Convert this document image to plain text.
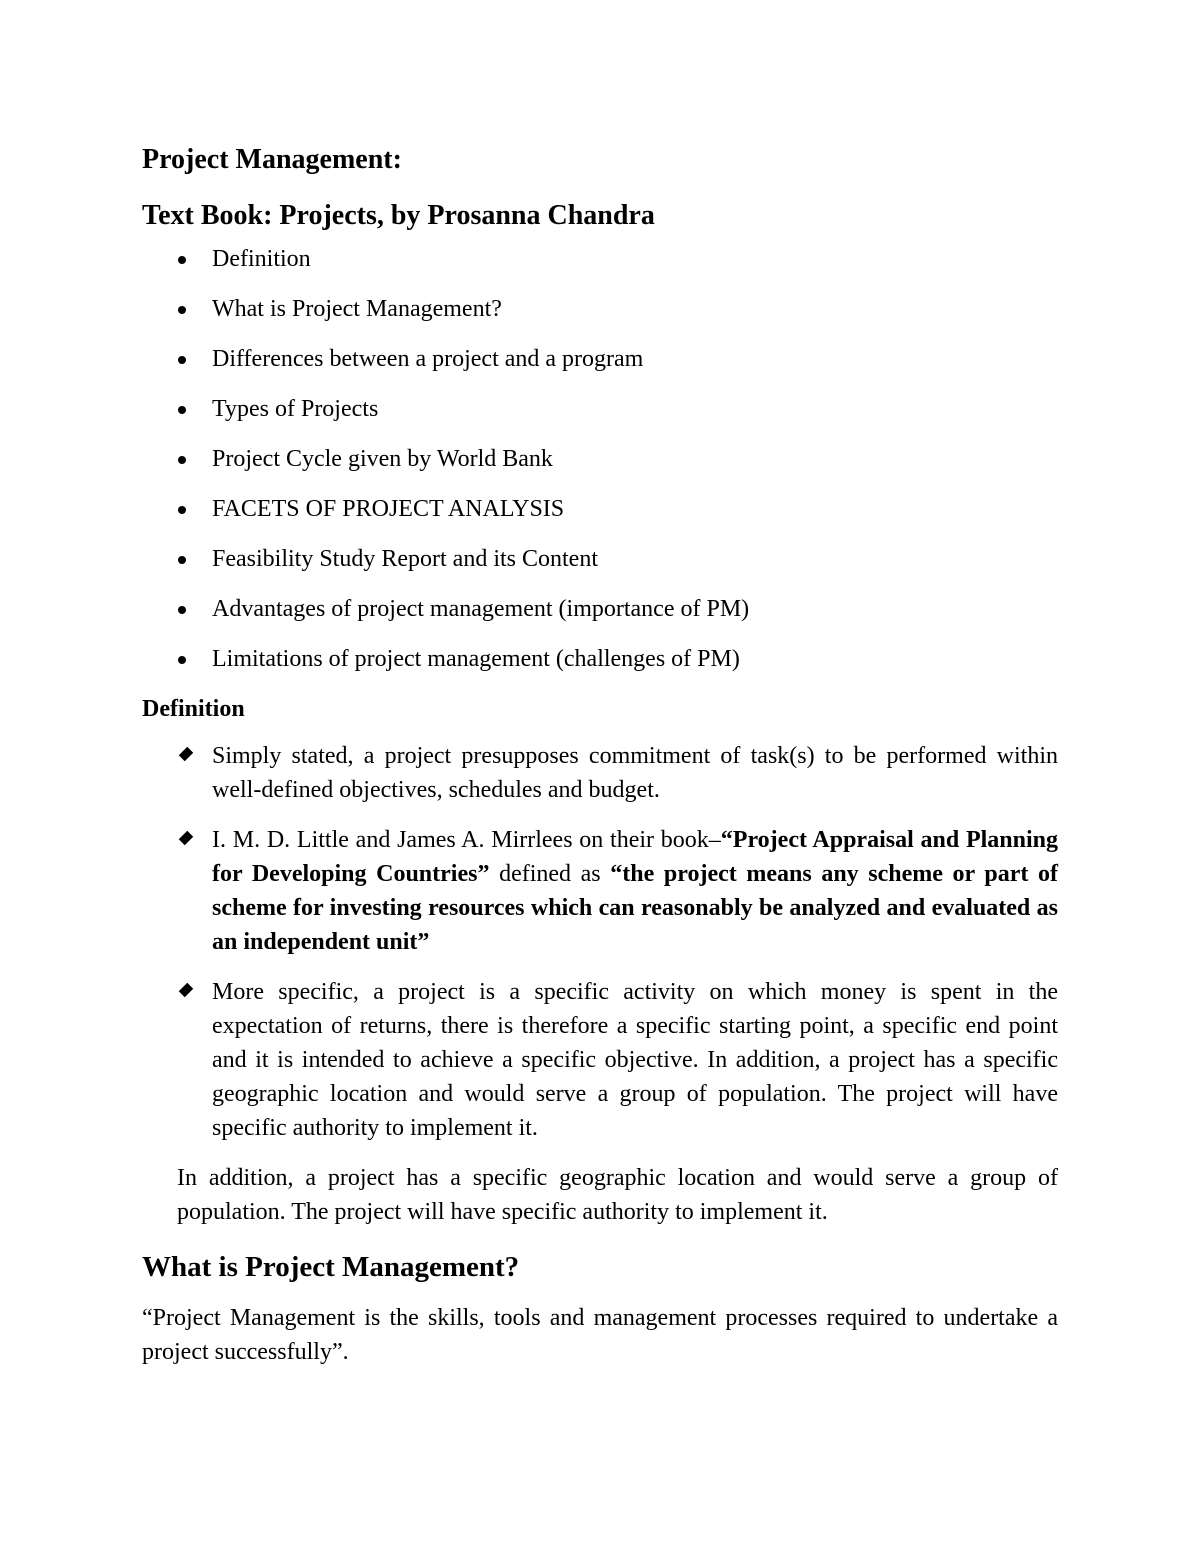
Project Management:
Text Book: Projects, by Prosanna Chandra
Definition
What is Project Management?
Differences between a project and a program
Types of Projects
Project Cycle given by World Bank
FACETS OF PROJECT ANALYSIS
Feasibility Study Report and its Content
Advantages of project management (importance of PM)
Limitations of project management (challenges of PM)
Definition
Simply stated, a project presupposes commitment of task(s) to be performed within well-defined objectives, schedules and budget.
I. M. D. Little and James A. Mirrlees on their book–“Project Appraisal and Planning for Developing Countries” defined as “the project means any scheme or part of scheme for investing resources which can reasonably be analyzed and evaluated as an independent unit”
More specific, a project is a specific activity on which money is spent in the expectation of returns, there is therefore a specific starting point, a specific end point and it is intended to achieve a specific objective. In addition, a project has a specific geographic location and would serve a group of population. The project will have specific authority to implement it.

In addition, a project has a specific geographic location and would serve a group of population. The project will have specific authority to implement it.

What is Project Management?

“Project Management is the skills, tools and management processes required to undertake a project successfully”.
